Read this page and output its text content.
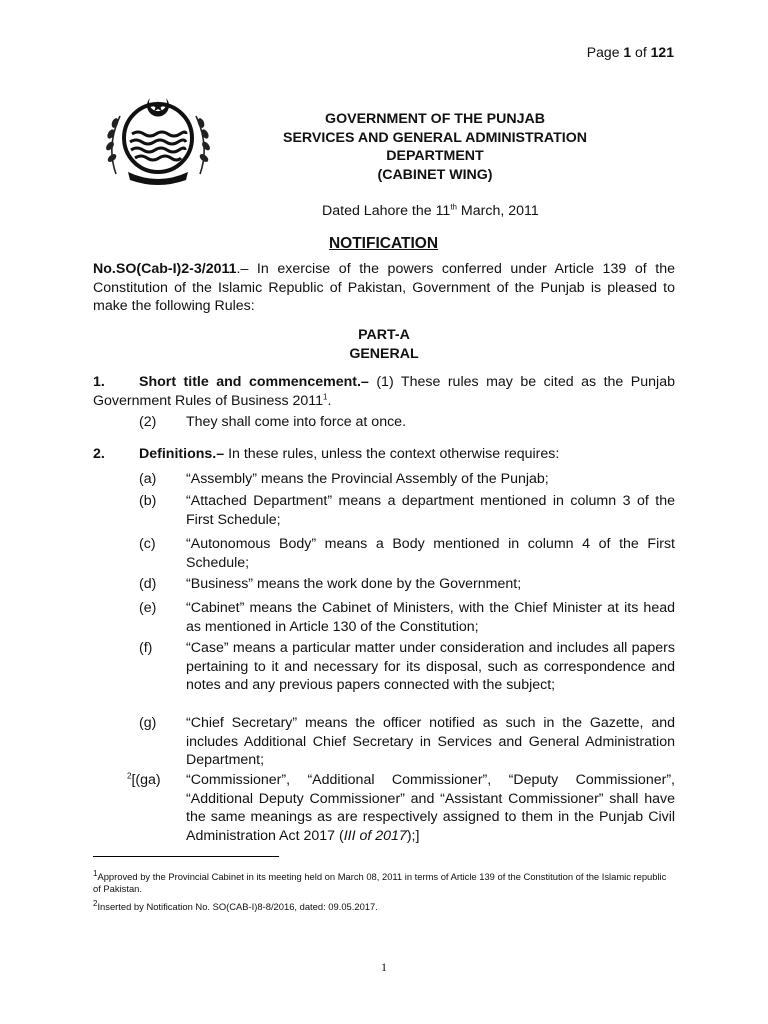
Page 1 of 121
GOVERNMENT OF THE PUNJAB
SERVICES AND GENERAL ADMINISTRATION
DEPARTMENT
(CABINET WING)
Dated Lahore the 11th March, 2011
NOTIFICATION
No.SO(Cab-I)2-3/2011.– In exercise of the powers conferred under Article 139 of the Constitution of the Islamic Republic of Pakistan, Government of the Punjab is pleased to make the following Rules:
PART-A
GENERAL
1. Short title and commencement.– (1) These rules may be cited as the Punjab Government Rules of Business 2011$^1$.
(2) They shall come into force at once.
2. Definitions.– In these rules, unless the context otherwise requires:
(a) “Assembly” means the Provincial Assembly of the Punjab;
(b) “Attached Department” means a department mentioned in column 3 of the First Schedule;
(c) “Autonomous Body” means a Body mentioned in column 4 of the First Schedule;
(d) “Business” means the work done by the Government;
(e) “Cabinet” means the Cabinet of Ministers, with the Chief Minister at its head as mentioned in Article 130 of the Constitution;
(f) “Case” means a particular matter under consideration and includes all papers pertaining to it and necessary for its disposal, such as correspondence and notes and any previous papers connected with the subject;
(g) “Chief Secretary” means the officer notified as such in the Gazette, and includes Additional Chief Secretary in Services and General Administration Department;
$^2$[(ga) “Commissioner”, “Additional Commissioner”, “Deputy Commissioner”, “Additional Deputy Commissioner” and “Assistant Commissioner” shall have the same meanings as are respectively assigned to them in the Punjab Civil Administration Act 2017 (III of 2017);]
$^1$Approved by the Provincial Cabinet in its meeting held on March 08, 2011 in terms of Article 139 of the Constitution of the Islamic republic of Pakistan.
$^2$Inserted by Notification No. SO(CAB-I)8-8/2016, dated: 09.05.2017.
1
